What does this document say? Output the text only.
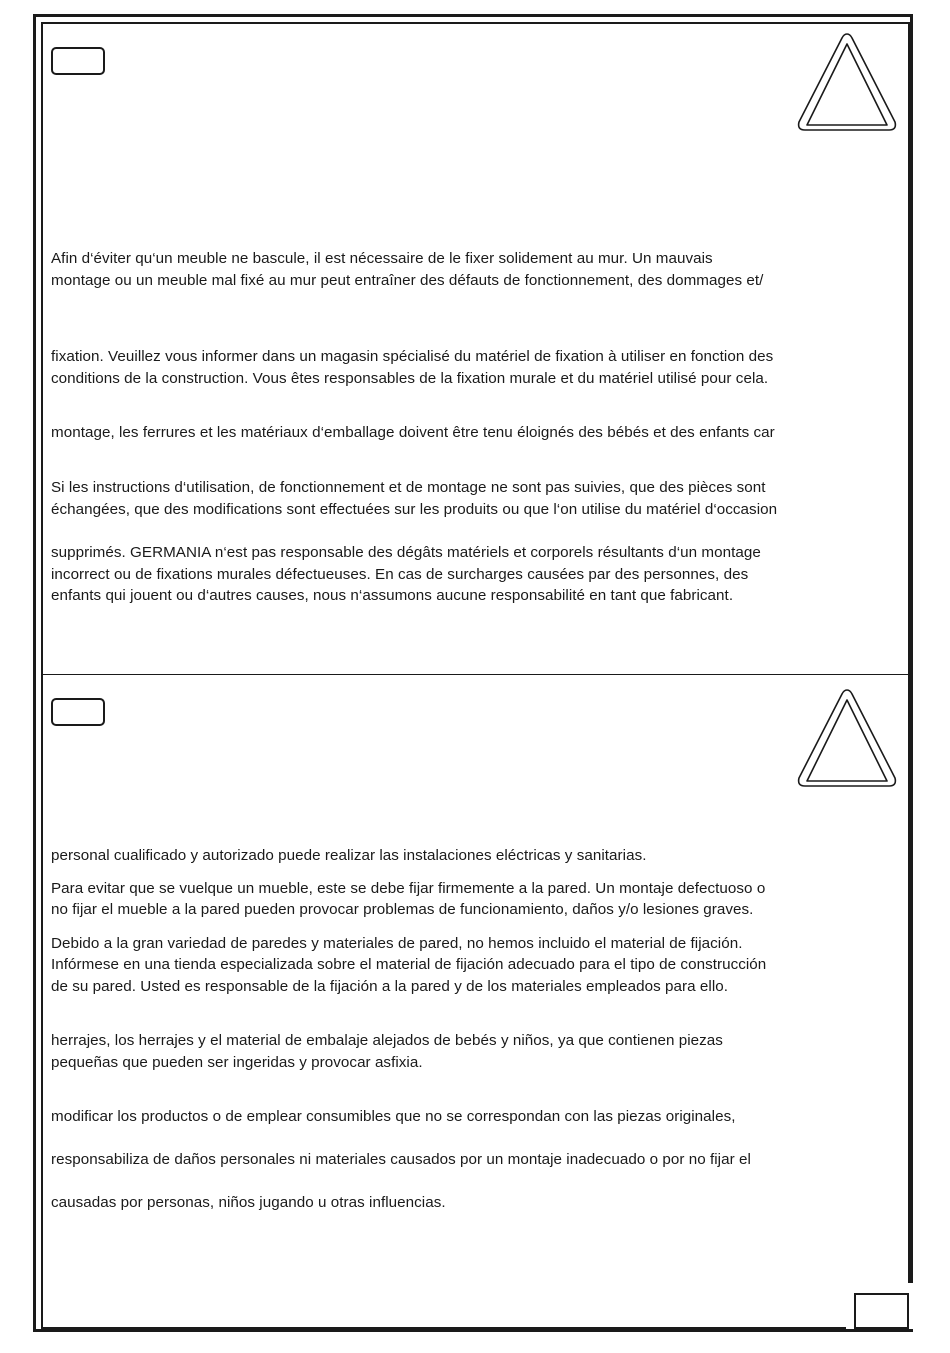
Afin d‘éviter qu‘un meuble ne bascule, il est nécessaire de le fixer solidement au mur. Un mauvais

montage ou un meuble mal fixé au mur peut entraîner des défauts de fonctionnement, des dommages et/

fixation. Veuillez vous informer dans un magasin spécialisé du matériel de fixation à utiliser en fonction des

conditions de la construction. Vous êtes responsables de la fixation murale et du matériel utilisé pour cela.

montage, les ferrures et les matériaux d‘emballage doivent être tenu éloignés des bébés et des enfants car

Si les instructions d‘utilisation, de fonctionnement et de montage ne sont pas suivies, que des pièces sont

échangées, que des modifications sont effectuées sur les produits ou que l‘on utilise du matériel d‘occasion

supprimés. GERMANIA n‘est pas responsable des dégâts matériels et corporels résultants d‘un montage

incorrect ou de fixations murales défectueuses. En cas de surcharges causées par des personnes, des

enfants qui jouent ou d‘autres causes, nous n‘assumons aucune responsabilité en tant que fabricant.

personal cualificado y autorizado puede realizar las instalaciones eléctricas y sanitarias.

Para evitar que se vuelque un mueble, este se debe fijar firmemente a la pared. Un montaje defectuoso o

no fijar el mueble a la pared pueden provocar problemas de funcionamiento, daños y/o lesiones graves.

Debido a la gran variedad de paredes y materiales de pared, no hemos incluido el material de fijación.

Infórmese en una tienda especializada sobre el material de fijación adecuado para el tipo de construcción

de su pared. Usted es responsable de la fijación a la pared y de los materiales empleados para ello.

herrajes, los herrajes y el material de embalaje alejados de bebés y niños, ya que contienen piezas

pequeñas que pueden ser ingeridas y provocar asfixia.

modificar los productos o de emplear consumibles que no se correspondan con las piezas originales,

responsabiliza de daños personales ni materiales causados por un montaje inadecuado o por no fijar el

causadas por personas, niños jugando u otras influencias.
